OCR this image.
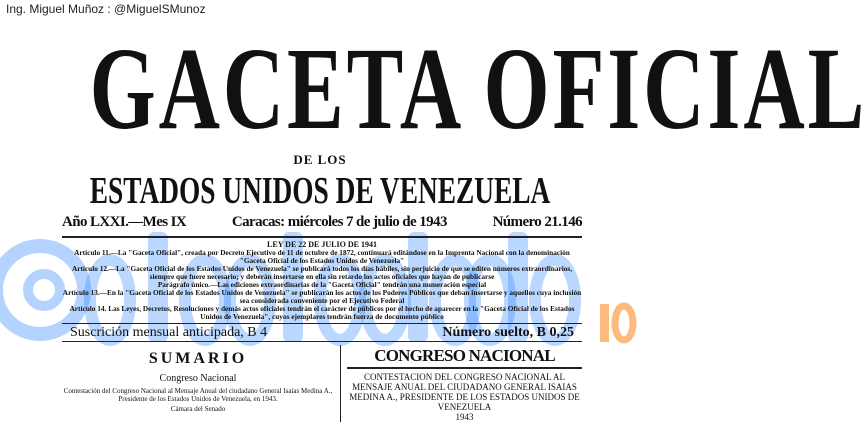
Ing. Miguel Muñoz : @MiguelSMunoz
GACETA OFICIAL
DE LOS
ESTADOS UNIDOS DE VENEZUELA
Año LXXI.—Mes IX	Caracas: miércoles 7 de julio de 1943	Número 21.146
LEY DE 22 DE JULIO DE 1941
Artículo 11.—La "Gaceta Oficial", creada por Decreto Ejecutivo de 11 de octubre de 1872, continuará editándose en la Imprenta Nacional con la denominación "Gaceta Oficial de los Estados Unidos de Venezuela"
Artículo 12.—La "Gaceta Oficial de los Estados Unidos de Venezuela" se publicará todos los días hábiles, sin perjuicio de que se editen números extraordinarios, siempre que fuere necesario; y deberán insertarse en ella sin retardo los actos oficiales que hayan de publicarse
Parágrafo único.—Las ediciones extraordinarias de la "Gaceta Oficial" tendrán una numeración especial
Artículo 13.—En la "Gaceta Oficial de los Estados Unidos de Venezuela" se publicarán los actos de los Poderes Públicos que deban insertarse y aquellos cuya inclusión sea considerada conveniente por el Ejecutivo Federal
Artículo 14. Las Leyes, Decretos, Resoluciones y demás actos oficiales tendrán el carácter de públicos por el hecho de aparecer en la "Gaceta Oficial de los Estados Unidos de Venezuela", cuyos ejemplares tendrán fuerza de documento público
Suscrición mensual anticipada, B 4	Número suelto, B 0,25
SUMARIO
Congreso Nacional
Contestación del Congreso Nacional al Mensaje Anual del ciudadano General Isaías Medina A., Presidente de los Estados Unidos de Venezuela, en 1943.
Cámara del Senado
CONGRESO NACIONAL
CONTESTACION DEL CONGRESO NACIONAL AL MENSAJE ANUAL DEL CIUDADANO GENERAL ISAIAS MEDINA A., PRESIDENTE DE LOS ESTADOS UNIDOS DE VENEZUELA
1943
